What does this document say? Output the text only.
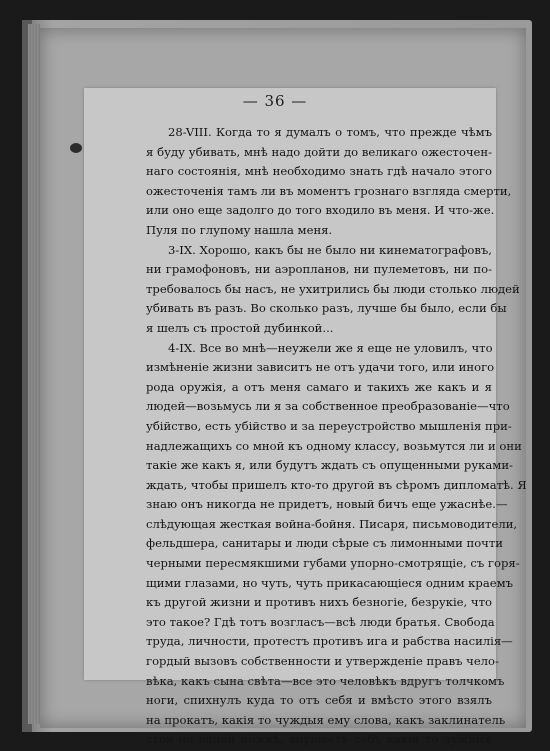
— 36 —
28-VIII. Когда то я думалъ о томъ, что прежде чѣмъ
я буду убивать, мнѣ надо дойти до великаго ожесточен-
наго состоянія, мнѣ необходимо знать гдѣ начало этого
ожесточенія тамъ ли въ моментъ грознаго взгляда смерти,
или оно еще задолго до того входило въ меня. И что-же.
Пуля по глупому нашла меня.
3-IX. Хорошо, какъ бы не было ни кинематографовъ,
ни грамофоновъ, ни аэропланов, ни пулеметовъ, ни по-
требовалось бы насъ, не ухитрились бы люди столько людей
убивать въ разъ. Во сколько разъ, лучше бы было, если бы
я шелъ съ простой дубинкой...
4-IX. Все во мнѣ—неужели же я еще не уловилъ, что
измѣненіе жизни зависитъ не отъ удачи того, или иного
рода оружія, а отъ меня самаго и такихъ же какъ и я
людей—возьмусь ли я за собственное преобразованіе—что
убійство, есть убійство и за переустройство мышленія при-
надлежащихъ со мной къ одному классу, возьмутся ли и они
такіе же какъ я, или будутъ ждать съ опущенными руками-
ждать, чтобы пришелъ кто-то другой въ сѣромъ дипломатѣ. Я
знаю онъ никогда не придетъ, новый бичъ еще ужаснѣе.—
слѣдующая жесткая война-бойня. Писаря, письмоводители,
фельдшера, санитары и люди сѣрые съ лимонными почти
черными пересмякшими губами упорно-смотрящіе, съ горя-
щими глазами, но чуть, чуть прикасающіеся одним краемъ
къ другой жизни и противъ нихъ безногіе, безрукіе, что
это такое? Гдѣ тотъ возгласъ—всѣ люди братья. Свобода
труда, личности, протестъ противъ ига и рабства насилія—
гордый вызовъ собственности и утвержденіе правъ чело-
вѣка, какъ сына свѣта—все это человѣкъ вдругъ толчкомъ
ноги, спихнулъ куда то отъ себя и вмѣсто этого взялъ
на прокатъ, какія то чуждыя ему слова, какъ заклинатель
стоя на одной ножкѣ, внушаетъ себѣ какія то чуждыя
